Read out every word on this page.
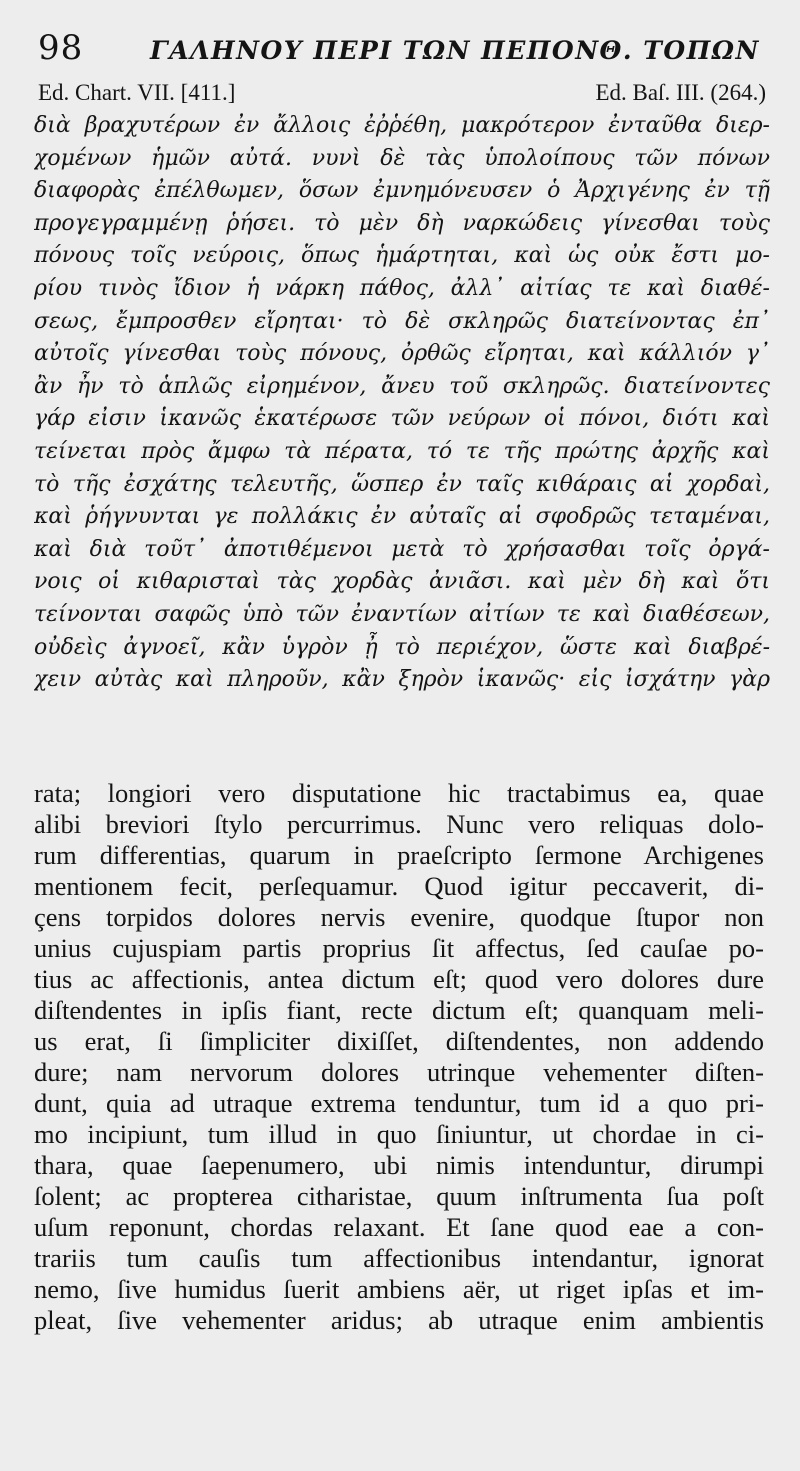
98	ΓΑΛΗΝΟΥ ΠΕΡΙ ΤΩΝ ΠΕΠΟΝΘ. ΤΟΠΩΝ
Ed. Chart. VII. [411.]	Ed. Baſ. III. (264.)
διὰ βραχυτέρων ἐν ἄλλοις ἐῤῥέθη, μακρότερον ἐνταῦθα διερ-
χομένων ἡμῶν αὐτά. νυνὶ δὲ τὰς ὑπολοίπους τῶν πόνων
διαφορὰς ἐπέλθωμεν, ὅσων ἐμνημόνευσεν ὁ Ἀρχιγένης ἐν τῇ
προγεγραμμένῃ ῥήσει. τὸ μὲν δὴ ναρκώδεις γίνεσθαι τοὺς
πόνους τοῖς νεύροις, ὅπως ἡμάρτηται, καὶ ὡς οὐκ ἔστι μο-
ρίου τινὸς ἴδιον ἡ νάρκη πάθος, ἀλλ᾽ αἰτίας τε καὶ διαθέ-
σεως, ἔμπροσθεν εἴρηται· τὸ δὲ σκληρῶς διατείνοντας ἐπ᾽
αὐτοῖς γίνεσθαι τοὺς πόνους, ὀρθῶς εἴρηται, καὶ κάλλιόν γ᾽
ἂν ἦν τὸ ἁπλῶς εἰρημένον, ἄνευ τοῦ σκληρῶς. διατείνοντες
γάρ εἰσιν ἱκανῶς ἑκατέρωσε τῶν νεύρων οἱ πόνοι, διότι καὶ
τείνεται πρὸς ἄμφω τὰ πέρατα, τό τε τῆς πρώτης ἀρχῆς καὶ
τὸ τῆς ἐσχάτης τελευτῆς, ὥσπερ ἐν ταῖς κιθάραις αἱ χορδαὶ,
καὶ ῥήγνυνται γε πολλάκις ἐν αὐταῖς αἱ σφοδρῶς τεταμέναι,
καὶ διὰ τοῦτ᾽ ἀποτιθέμενοι μετὰ τὸ χρήσασθαι τοῖς ὀργά-
νοις οἱ κιθαρισταὶ τὰς χορδὰς ἀνιᾶσι. καὶ μὲν δὴ καὶ ὅτι
τείνονται σαφῶς ὑπὸ τῶν ἐναντίων αἰτίων τε καὶ διαθέσεων,
οὐδεὶς ἀγνοεῖ, κἂν ὑγρὸν ᾖ τὸ περιέχον, ὥστε καὶ διαβρέ-
χειν αὐτὰς καὶ πληροῦν, κἂν ξηρὸν ἱκανῶς· εἰς ἰσχάτην γὰρ
rata; longiori vero disputatione hic tractabimus ea, quae
alibi breviori ſtylo percurrimus. Nunc vero reliquas dolo-
rum differentias, quarum in praeſcripto ſermone Archigenes
mentionem fecit, perſequamur. Quod igitur peccaverit, di-
çens torpidos dolores nervis evenire, quodque ſtupor non
unius cujuspiam partis proprius ſit affectus, ſed cauſae po-
tius ac affectionis, antea dictum eſt; quod vero dolores dure
diſtendentes in ipſis fiant, recte dictum eſt; quanquam meli-
us erat, ſi ſimpliciter dixiſſet, diſtendentes, non addendo
dure; nam nervorum dolores utrinque vehementer diſten-
dunt, quia ad utraque extrema tenduntur, tum id a quo pri-
mo incipiunt, tum illud in quo ſiniuntur, ut chordae in ci-
thara, quae ſaepenumero, ubi nimis intenduntur, dirumpi
ſolent; ac propterea citharistae, quum inſtrumenta ſua poſt
uſum reponunt, chordas relaxant. Et ſane quod eae a con-
trariis tum cauſis tum affectionibus intendantur, ignorat
nemo, ſive humidus ſuerit ambiens aër, ut riget ipſas et im-
pleat, ſive vehementer aridus; ab utraque enim ambientis
